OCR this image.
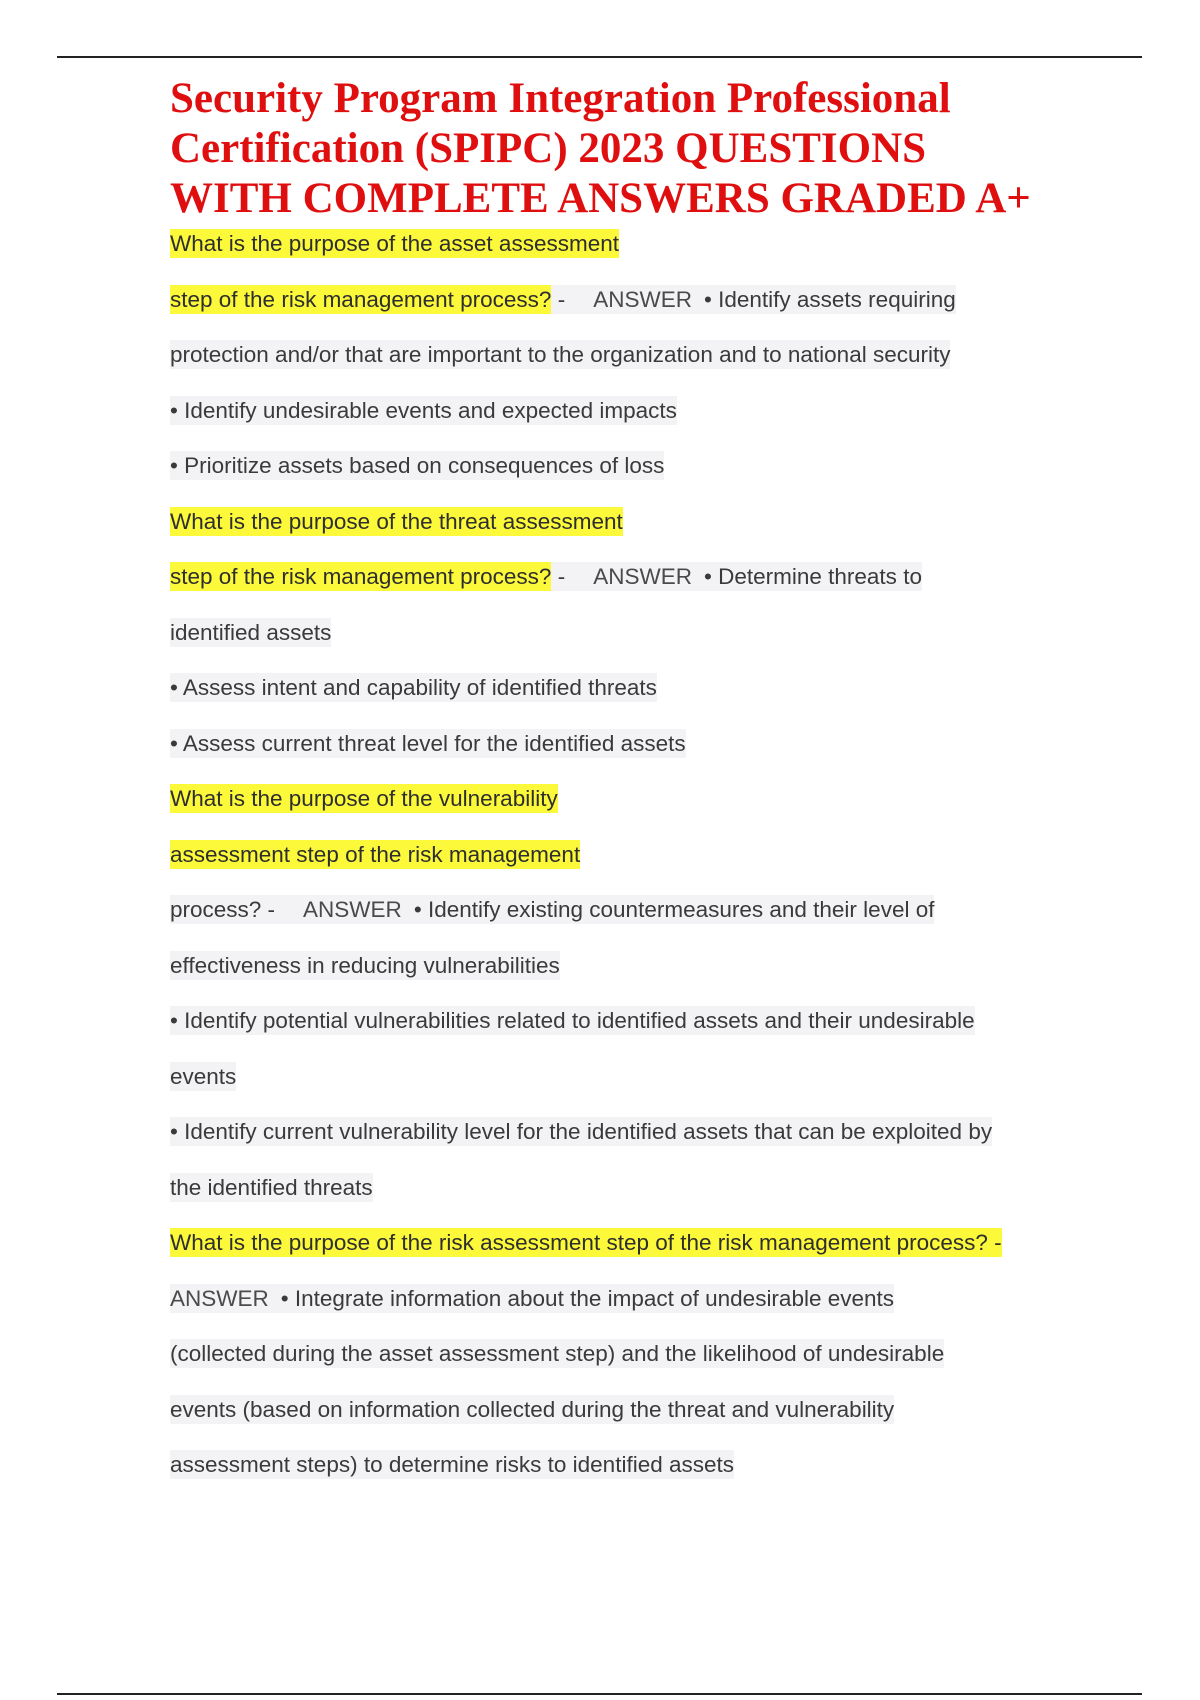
Security Program Integration Professional
Certification (SPIPC) 2023 QUESTIONS
WITH COMPLETE ANSWERS GRADED A+
What is the purpose of the asset assessment
step of the risk management process? - ANSWER • Identify assets requiring
protection and/or that are important to the organization and to national security
• Identify undesirable events and expected impacts
• Prioritize assets based on consequences of loss
What is the purpose of the threat assessment
step of the risk management process? - ANSWER • Determine threats to
identified assets
• Assess intent and capability of identified threats
• Assess current threat level for the identified assets
What is the purpose of the vulnerability
assessment step of the risk management
process? - ANSWER • Identify existing countermeasures and their level of
effectiveness in reducing vulnerabilities
• Identify potential vulnerabilities related to identified assets and their undesirable
events
• Identify current vulnerability level for the identified assets that can be exploited by
the identified threats
What is the purpose of the risk assessment step of the risk management process? -
ANSWER • Integrate information about the impact of undesirable events
(collected during the asset assessment step) and the likelihood of undesirable
events (based on information collected during the threat and vulnerability
assessment steps) to determine risks to identified assets
